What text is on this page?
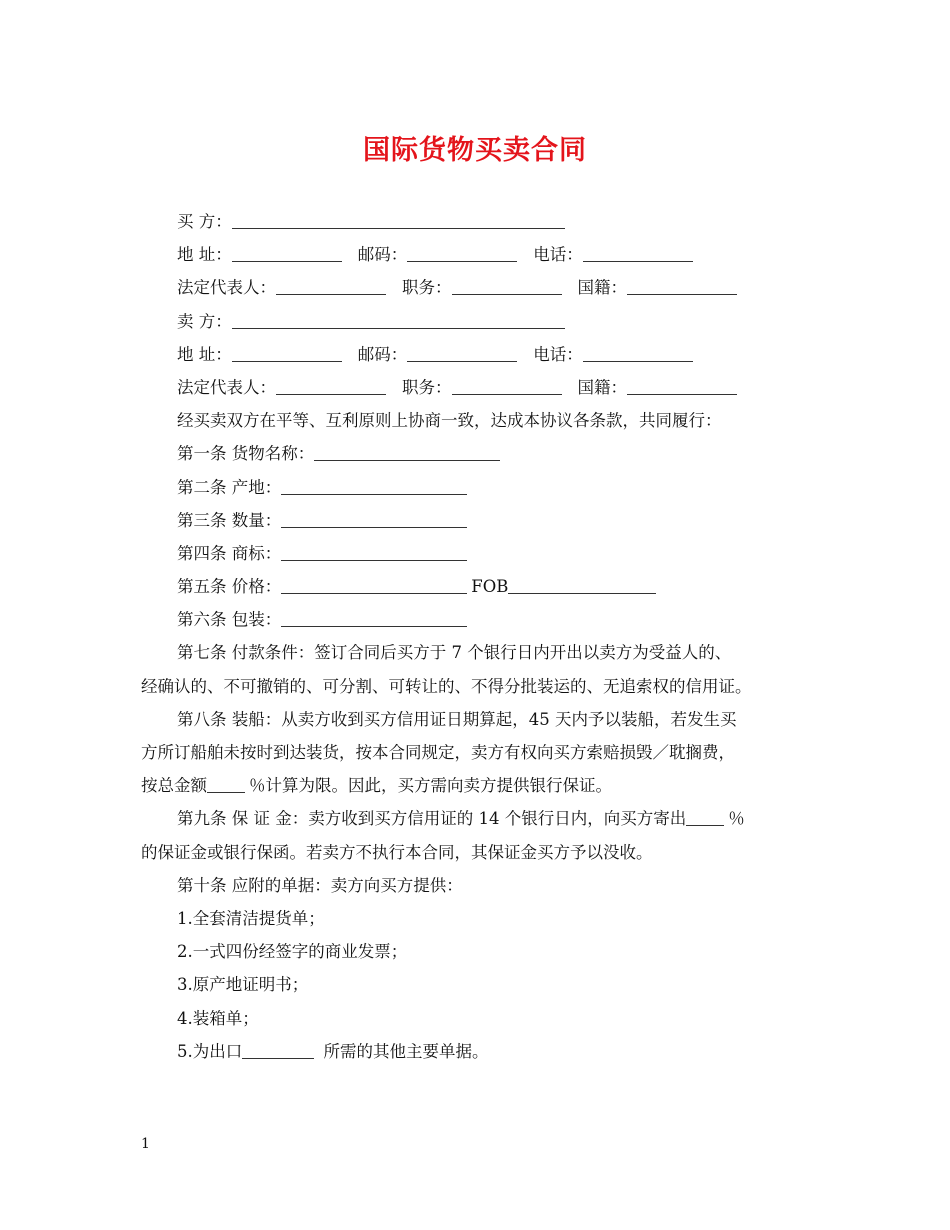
国际货物买卖合同
买 方：
地 址：	邮码：	电话：
法定代表人：	职务：	国籍：
卖 方：
地 址：	邮码：	电话：
法定代表人：	职务：	国籍：
经买卖双方在平等、互利原则上协商一致，达成本协议各条款，共同履行：
第一条 货物名称：
第二条 产地：
第三条 数量：
第四条 商标：
第五条 价格：	FOB
第六条 包装：
第七条 付款条件：签订合同后买方于 7 个银行日内开出以卖方为受益人的、
经确认的、不可撤销的、可分割、可转让的、不得分批装运的、无追索权的信用证。
第八条 装船：从卖方收到买方信用证日期算起，45 天内予以装船，若发生买
方所订船舶未按时到达装货，按本合同规定，卖方有权向买方索赔损毁／耽搁费，
按总金额	％计算为限。因此，买方需向卖方提供银行保证。
第九条 保 证 金：卖方收到买方信用证的 14 个银行日内，向买方寄出	％
的保证金或银行保函。若卖方不执行本合同，其保证金买方予以没收。
第十条 应附的单据：卖方向买方提供：
1.全套清洁提货单；
2.一式四份经签字的商业发票；
3.原产地证明书；
4.装箱单；
5.为出口	所需的其他主要单据。
1
